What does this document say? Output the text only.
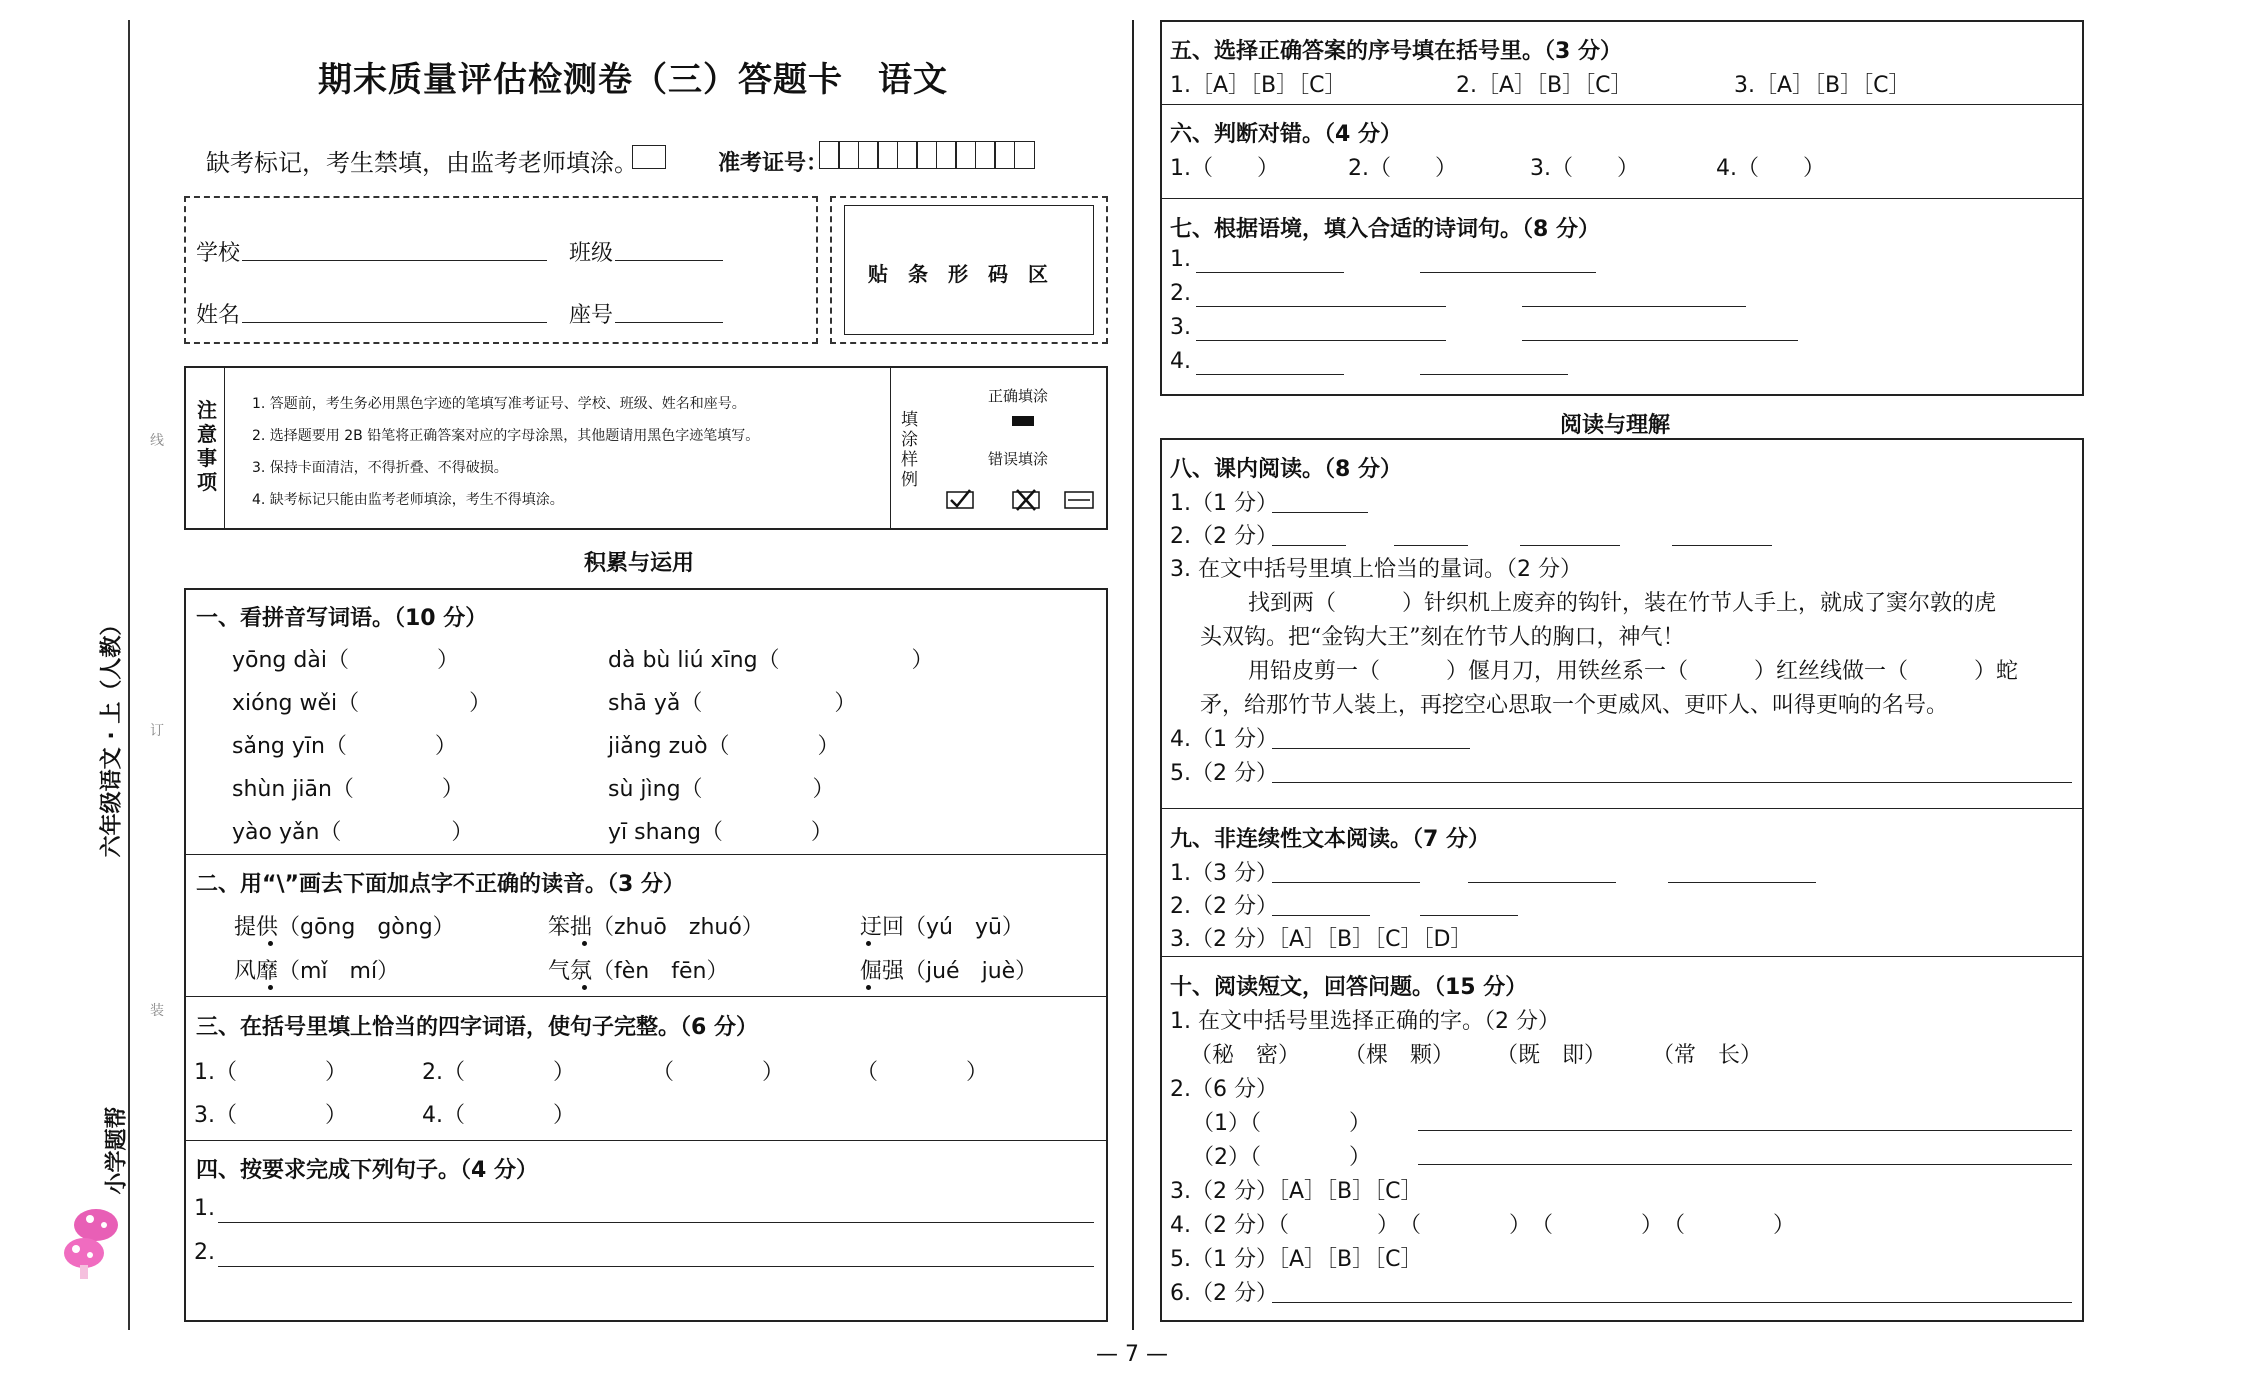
线
订
装
六年级语文 · 上（人教）
小学题帮
期末质量评估检测卷（三）答题卡　语文
缺考标记，考生禁填，由监考老师填涂。	准考证号：
学校	班级
姓名	座号
贴　条　形　码　区
注意事项
1. 答题前，考生务必用黑色字迹的笔填写准考证号、学校、班级、姓名和座号。
2. 选择题要用 2B 铅笔将正确答案对应的字母涂黑，其他题请用黑色字迹笔填写。
3. 保持卡面清洁，不得折叠、不得破损。
4. 缺考标记只能由监考老师填涂，考生不得填涂。
填涂样例
正确填涂
错误填涂
积累与运用
一、看拼音写词语。（10 分）
yōng dài（　　　　）	dà bù liú xīng（　　　　　　）
xióng wěi（　　　　　）	shā yǎ（　　　　　　）
sǎng yīn（　　　　）	jiǎng zuò（　　　　）
shùn jiān（　　　　）	sù jìng（　　　　　）
yào yǎn（　　　　　）	yī shang（　　　　）
二、用“\”画去下面加点字不正确的读音。（3 分）
提供（gōng　gòng）	笨拙（zhuō　zhuó）	迂回（yú　yū）
风靡（mǐ　mí）	气氛（fèn　fēn）	倔强（jué　juè）
三、在括号里填上恰当的四字词语，使句子完整。（6 分）
1.（　　　　）	2.（　　　　）	（　　　　）	（　　　　）
3.（　　　　）	4.（　　　　）
四、按要求完成下列句子。（4 分）
1.
2.
— 7 —
五、选择正确答案的序号填在括号里。（3 分）
1.［A］［B］［C］	2.［A］［B］［C］	3.［A］［B］［C］
六、判断对错。（4 分）
1.（　　）	2.（　　）	3.（　　）	4.（　　）
七、根据语境，填入合适的诗词句。（8 分）
1.
2.
3.
4.
阅读与理解
八、课内阅读。（8 分）
1.（1 分）
2.（2 分）
3. 在文中括号里填上恰当的量词。（2 分）
找到两（　　　）针织机上废弃的钩针，装在竹节人手上，就成了窦尔敦的虎
头双钩。把“金钩大王”刻在竹节人的胸口，神气！
用铅皮剪一（　　　）偃月刀，用铁丝系一（　　　）红丝线做一（　　　）蛇
矛，给那竹节人装上，再挖空心思取一个更威风、更吓人、叫得更响的名号。
4.（1 分）
5.（2 分）
九、非连续性文本阅读。（7 分）
1.（3 分）
2.（2 分）
3.（2 分）［A］［B］［C］［D］
十、阅读短文，回答问题。（15 分）
1. 在文中括号里选择正确的字。（2 分）
（秘　密） （棵　颗） （既　即） （常　长）
2.（6 分）
（1）（　　　　）
（2）（　　　　）
3.（2 分）［A］［B］［C］
4.（2 分）（　　　　）　（　　　　）　（　　　　）　（　　　　）
5.（1 分）［A］［B］［C］
6.（2 分）
